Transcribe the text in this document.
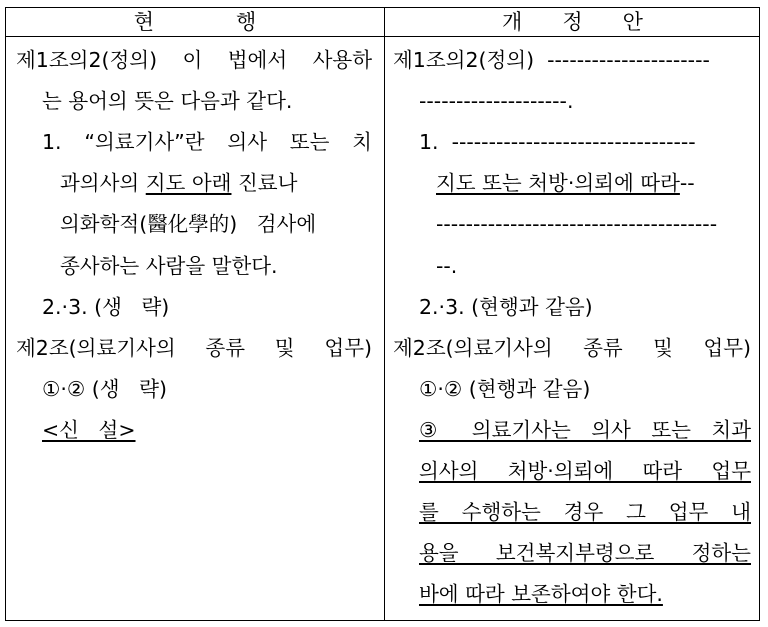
현	행	개 정 안
제1조의2(정의) 이 법에서 사용하
는 용어의 뜻은 다음과 같다.
1. “의료기사”란 의사 또는 치
과의사의 지도 아래 진료나
의화학적(醫化學的)   검사에
종사하는 사람을 말한다.
2.·3. (생   략)
제2조(의료기사의 종류 및 업무)
①·② (생   략)
<신   설>
제1조의2(정의)  ----------------------
--------------------.
1.  ---------------------------------
지도 또는 처방·의뢰에 따라--
--------------------------------------
--.
2.·3. (현행과 같음)
제2조(의료기사의 종류 및 업무)
①·② (현행과 같음)
③ 의료기사는 의사 또는 치과
의사의 처방·의뢰에 따라 업무
를 수행하는 경우 그 업무 내
용을 보건복지부령으로 정하는
바에 따라 보존하여야 한다.
